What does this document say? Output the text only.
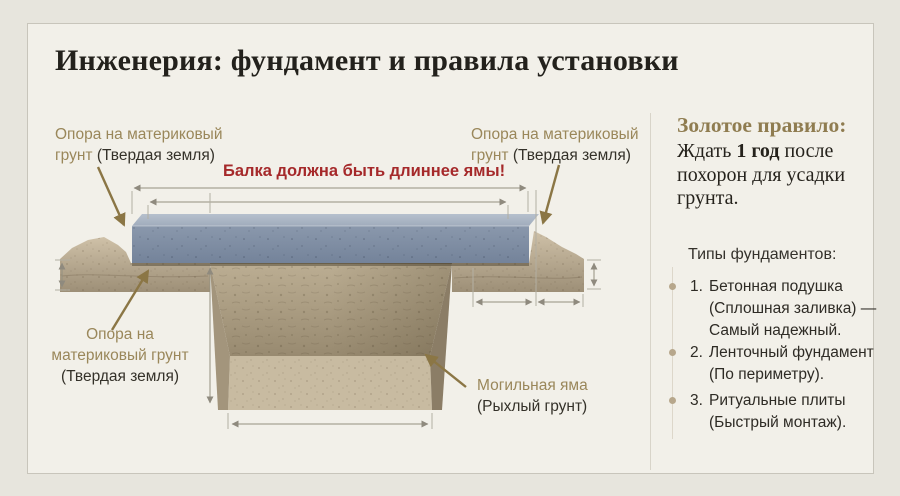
Инженерия: фундамент и правила установки
Опора на материковый
грунт (Твердая земля)
Опора на материковый
грунт (Твердая земля)
Балка должна быть длиннее ямы!
Опора на
материковый грунт
(Твердая земля)
Могильная яма
(Рыхлый грунт)
Золотое правило:
Ждать 1 год после похорон для усадки грунта.
Типы фундаментов:
1. Бетонная подушка
(Сплошная заливка) —
Самый надежный.
2. Ленточный фундамент
(По периметру).
3. Ритуальные плиты
(Быстрый монтаж).
